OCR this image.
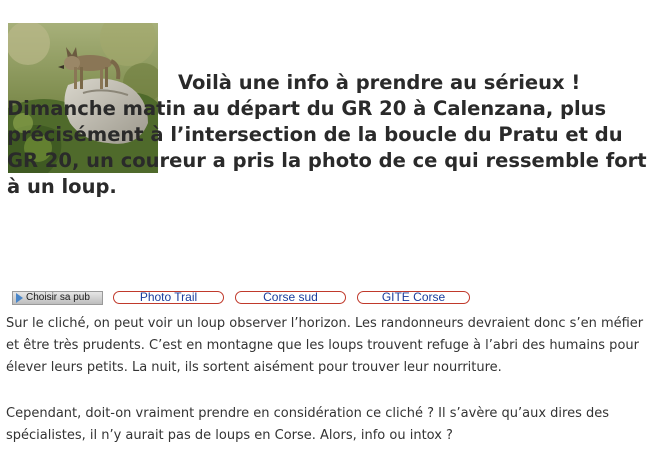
Voilà une info à prendre au sérieux ! Dimanche matin au départ du GR 20 à Calenzana, plus précisément à l’intersection de la boucle du Pratu et du GR 20, un coureur a pris la photo de ce qui ressemble fort à un loup.

Choisir sa pub	Photo Trail	Corse sud	GITE Corse

Sur le cliché, on peut voir un loup observer l’horizon. Les randonneurs devraient donc s’en méfier et être très prudents. C’est en montagne que les loups trouvent refuge à l’abri des humains pour élever leurs petits. La nuit, ils sortent aisément pour trouver leur nourriture.

Cependant, doit-on vraiment prendre en considération ce cliché ? Il s’avère qu’aux dires des spécialistes, il n’y aurait pas de loups en Corse. Alors, info ou intox ?
